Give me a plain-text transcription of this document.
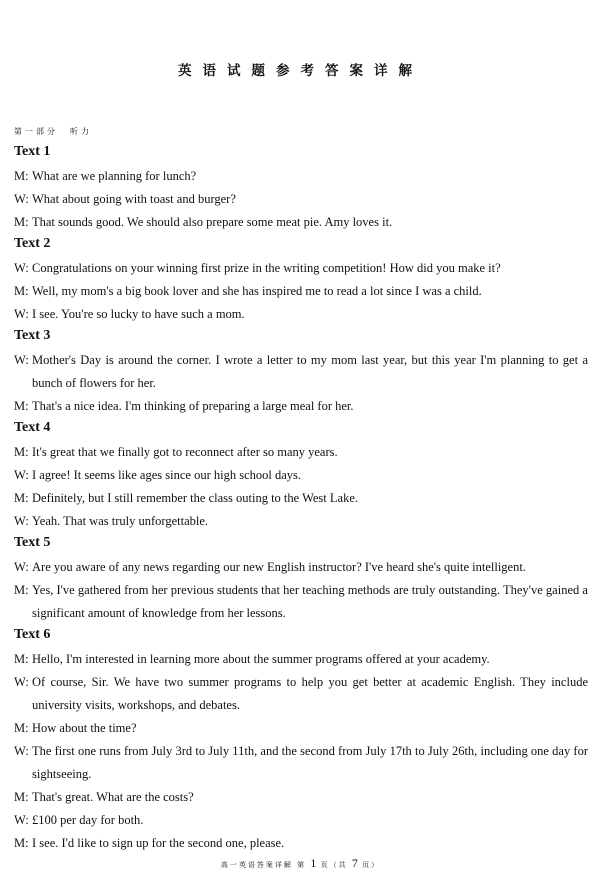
英语试题参考答案详解
第一部分 听力
Text 1
M: What are we planning for lunch?
W: What about going with toast and burger?
M: That sounds good. We should also prepare some meat pie. Amy loves it.
Text 2
W: Congratulations on your winning first prize in the writing competition! How did you make it?
M: Well, my mom's a big book lover and she has inspired me to read a lot since I was a child.
W: I see. You're so lucky to have such a mom.
Text 3
W: Mother's Day is around the corner. I wrote a letter to my mom last year, but this year I'm planning to get a bunch of flowers for her.
M: That's a nice idea. I'm thinking of preparing a large meal for her.
Text 4
M: It's great that we finally got to reconnect after so many years.
W: I agree! It seems like ages since our high school days.
M: Definitely, but I still remember the class outing to the West Lake.
W: Yeah. That was truly unforgettable.
Text 5
W: Are you aware of any news regarding our new English instructor? I've heard she's quite intelligent.
M: Yes, I've gathered from her previous students that her teaching methods are truly outstanding. They've gained a significant amount of knowledge from her lessons.
Text 6
M: Hello, I'm interested in learning more about the summer programs offered at your academy.
W: Of course, Sir. We have two summer programs to help you get better at academic English. They include university visits, workshops, and debates.
M: How about the time?
W: The first one runs from July 3rd to July 11th, and the second from July 17th to July 26th, including one day for sightseeing.
M: That's great. What are the costs?
W: £100 per day for both.
M: I see. I'd like to sign up for the second one, please.
高一英语答案详解 第 1 页（共 7 页）
